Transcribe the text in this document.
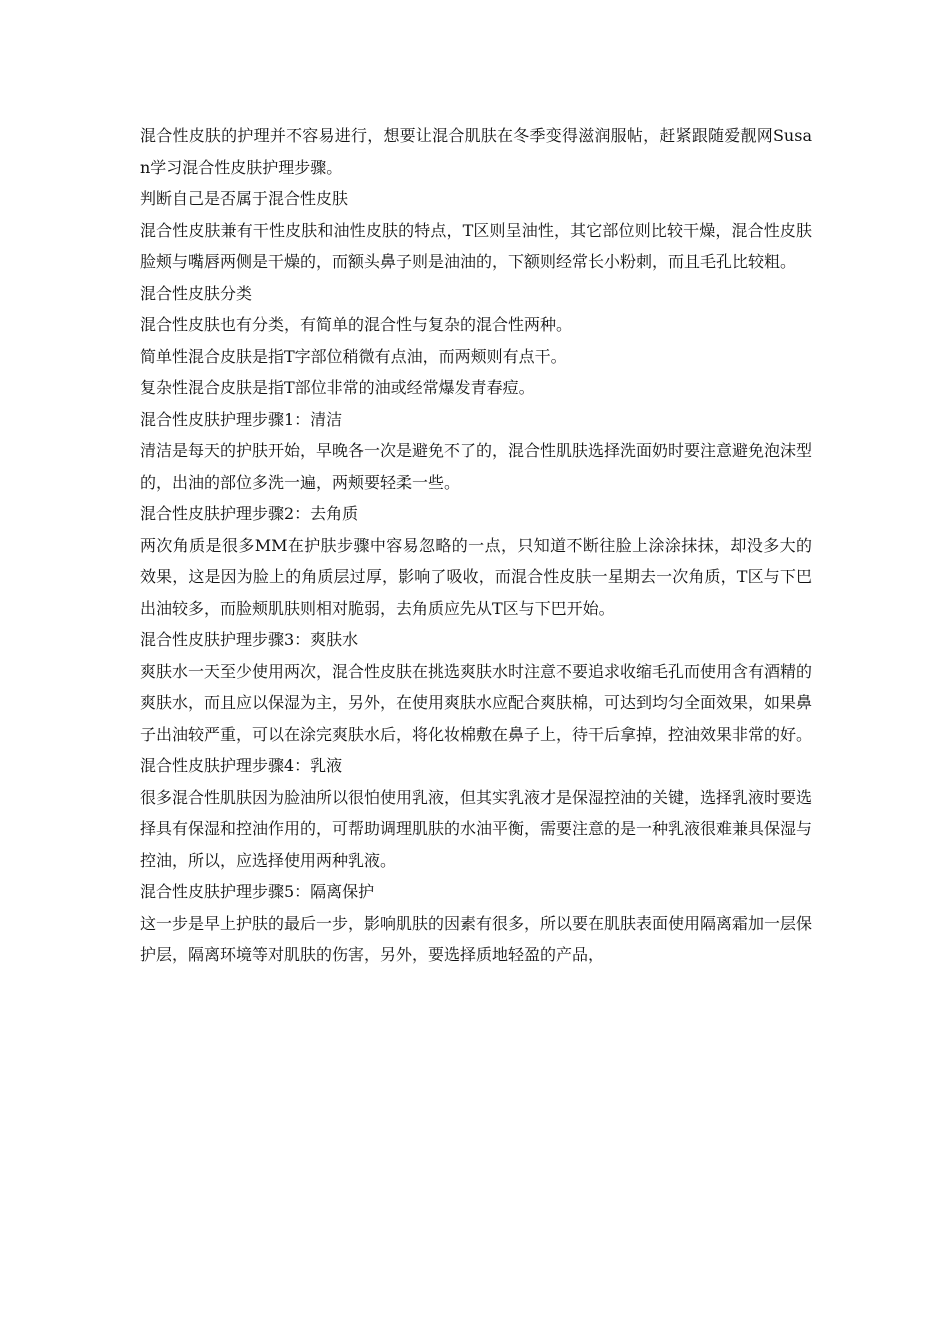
混合性皮肤的护理并不容易进行，想要让混合肌肤在冬季变得滋润服帖，赶紧跟随爱靓网Susan学习混合性皮肤护理步骤。

判断自己是否属于混合性皮肤

混合性皮肤兼有干性皮肤和油性皮肤的特点，T区则呈油性，其它部位则比较干燥，混合性皮肤脸颊与嘴唇两侧是干燥的，而额头鼻子则是油油的，下额则经常长小粉刺，而且毛孔比较粗。

混合性皮肤分类

混合性皮肤也有分类，有简单的混合性与复杂的混合性两种。

简单性混合皮肤是指T字部位稍微有点油，而两颊则有点干。

复杂性混合皮肤是指T部位非常的油或经常爆发青春痘。

混合性皮肤护理步骤1：清洁

清洁是每天的护肤开始，早晚各一次是避免不了的，混合性肌肤选择洗面奶时要注意避免泡沫型的，出油的部位多洗一遍，两颊要轻柔一些。

混合性皮肤护理步骤2：去角质

两次角质是很多MM在护肤步骤中容易忽略的一点，只知道不断往脸上涂涂抹抹，却没多大的效果，这是因为脸上的角质层过厚，影响了吸收，而混合性皮肤一星期去一次角质，T区与下巴出油较多，而脸颊肌肤则相对脆弱，去角质应先从T区与下巴开始。

混合性皮肤护理步骤3：爽肤水

爽肤水一天至少使用两次，混合性皮肤在挑选爽肤水时注意不要追求收缩毛孔而使用含有酒精的爽肤水，而且应以保湿为主，另外，在使用爽肤水应配合爽肤棉，可达到均匀全面效果，如果鼻子出油较严重，可以在涂完爽肤水后，将化妆棉敷在鼻子上，待干后拿掉，控油效果非常的好。

混合性皮肤护理步骤4：乳液

很多混合性肌肤因为脸油所以很怕使用乳液，但其实乳液才是保湿控油的关键，选择乳液时要选择具有保湿和控油作用的，可帮助调理肌肤的水油平衡，需要注意的是一种乳液很难兼具保湿与控油，所以，应选择使用两种乳液。

混合性皮肤护理步骤5：隔离保护

这一步是早上护肤的最后一步，影响肌肤的因素有很多，所以要在肌肤表面使用隔离霜加一层保护层，隔离环境等对肌肤的伤害，另外，要选择质地轻盈的产品，
